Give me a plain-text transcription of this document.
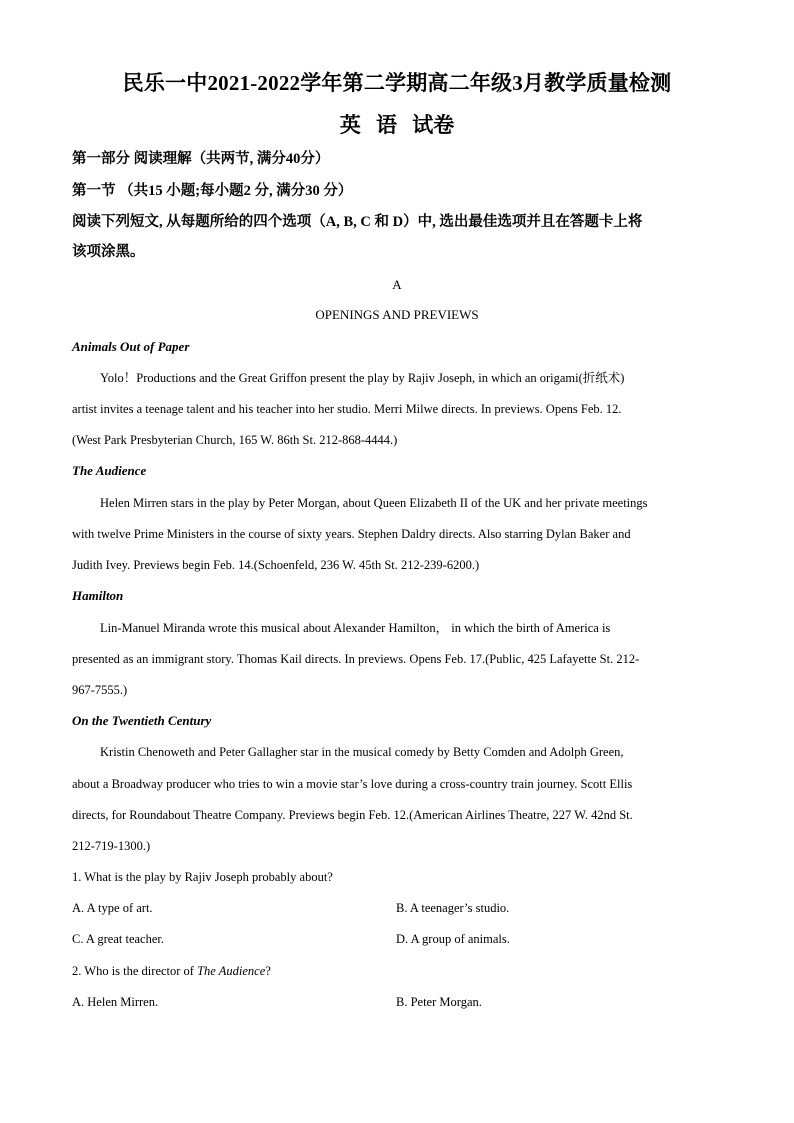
民乐一中2021-2022学年第二学期高二年级3月教学质量检测
英 语 试卷
第一部分 阅读理解（共两节, 满分40分）
第一节 （共15 小题;每小题2 分, 满分30 分）
阅读下列短文, 从每题所给的四个选项（A, B, C 和 D）中, 选出最佳选项并且在答题卡上将
该项涂黑。
A
OPENINGS AND PREVIEWS
Animals Out of Paper
Yolo！Productions and the Great Griffon present the play by Rajiv Joseph, in which an origami(折纸术)
artist invites a teenage talent and his teacher into her studio. Merri Milwe directs. In previews. Opens Feb. 12.
(West Park Presbyterian Church, 165 W. 86th St. 212-868-4444.)
The Audience
Helen Mirren stars in the play by Peter Morgan, about Queen Elizabeth II of the UK and her private meetings
with twelve Prime Ministers in the course of sixty years. Stephen Daldry directs. Also starring Dylan Baker and
Judith Ivey. Previews begin Feb. 14.(Schoenfeld, 236 W. 45th St. 212-239-6200.)
Hamilton
Lin-Manuel Miranda wrote this musical about Alexander Hamilton， in which the birth of America is
presented as an immigrant story. Thomas Kail directs. In previews. Opens Feb. 17.(Public, 425 Lafayette St. 212-
967-7555.)
On the Twentieth Century
Kristin Chenoweth and Peter Gallagher star in the musical comedy by Betty Comden and Adolph Green,
about a Broadway producer who tries to win a movie star’s love during a cross-country train journey. Scott Ellis
directs, for Roundabout Theatre Company. Previews begin Feb. 12.(American Airlines Theatre, 227 W. 42nd St.
212-719-1300.)
1. What is the play by Rajiv Joseph probably about?
A. A type of art.	B. A teenager’s studio.
C. A great teacher.	D. A group of animals.
2. Who is the director of The Audience?
A. Helen Mirren.	B. Peter Morgan.
